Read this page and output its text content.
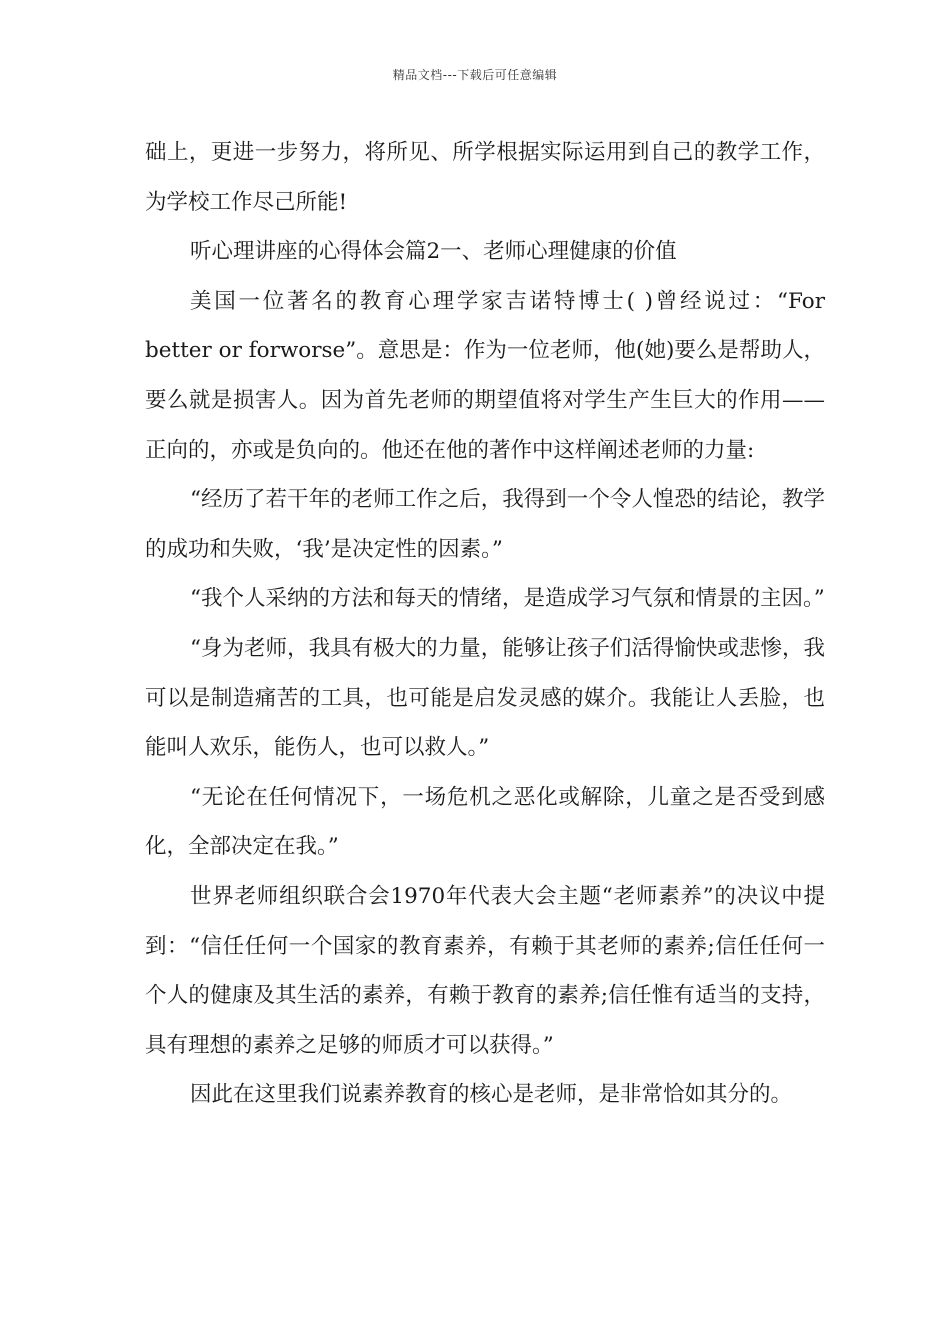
精品文档---下载后可任意编辑

础上，更进一步努力，将所见、所学根据实际运用到自己的教学工作，为学校工作尽己所能!

听心理讲座的心得体会篇2一、老师心理健康的价值

美国一位著名的教育心理学家吉诺特博士( )曾经说过：“For better or forworse”。意思是：作为一位老师，他(她)要么是帮助人，要么就是损害人。因为首先老师的期望值将对学生产生巨大的作用——正向的，亦或是负向的。他还在他的著作中这样阐述老师的力量:

“经历了若干年的老师工作之后，我得到一个令人惶恐的结论，教学的成功和失败，‘我’是决定性的因素。”

“我个人采纳的方法和每天的情绪，是造成学习气氛和情景的主因。”

“身为老师，我具有极大的力量，能够让孩子们活得愉快或悲惨，我可以是制造痛苦的工具，也可能是启发灵感的媒介。我能让人丢脸，也能叫人欢乐，能伤人，也可以救人。”

“无论在任何情况下，一场危机之恶化或解除，儿童之是否受到感化，全部决定在我。”

世界老师组织联合会1970年代表大会主题“老师素养”的决议中提到：“信任任何一个国家的教育素养，有赖于其老师的素养;信任任何一个人的健康及其生活的素养，有赖于教育的素养;信任惟有适当的支持，具有理想的素养之足够的师质才可以获得。”

因此在这里我们说素养教育的核心是老师，是非常恰如其分的。
